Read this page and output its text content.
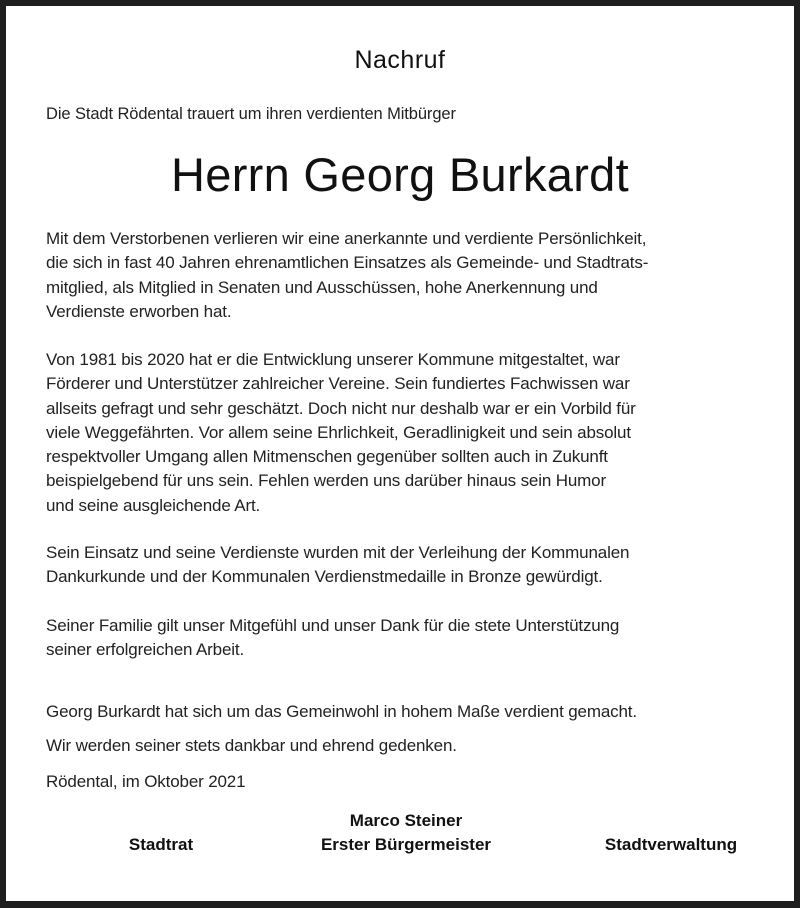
Nachruf
Die Stadt Rödental trauert um ihren verdienten Mitbürger
Herrn Georg Burkardt
Mit dem Verstorbenen verlieren wir eine anerkannte und verdiente Persönlichkeit,
die sich in fast 40 Jahren ehrenamtlichen Einsatzes als Gemeinde- und Stadtrats-
mitglied, als Mitglied in Senaten und Ausschüssen, hohe Anerkennung und
Verdienste erworben hat.
Von 1981 bis 2020 hat er die Entwicklung unserer Kommune mitgestaltet, war
Förderer und Unterstützer zahlreicher Vereine. Sein fundiertes Fachwissen war
allseits gefragt und sehr geschätzt. Doch nicht nur deshalb war er ein Vorbild für
viele Weggefährten. Vor allem seine Ehrlichkeit, Geradlinigkeit und sein absolut
respektvoller Umgang allen Mitmenschen gegenüber sollten auch in Zukunft
beispielgebend für uns sein. Fehlen werden uns darüber hinaus sein Humor
und seine ausgleichende Art.
Sein Einsatz und seine Verdienste wurden mit der Verleihung der Kommunalen
Dankurkunde und der Kommunalen Verdienstmedaille in Bronze gewürdigt.
Seiner Familie gilt unser Mitgefühl und unser Dank für die stete Unterstützung
seiner erfolgreichen Arbeit.
Georg Burkardt hat sich um das Gemeinwohl in hohem Maße verdient gemacht.
Wir werden seiner stets dankbar und ehrend gedenken.
Rödental, im Oktober 2021
Stadtrat
Marco Steiner
Erster Bürgermeister	Stadtverwaltung
